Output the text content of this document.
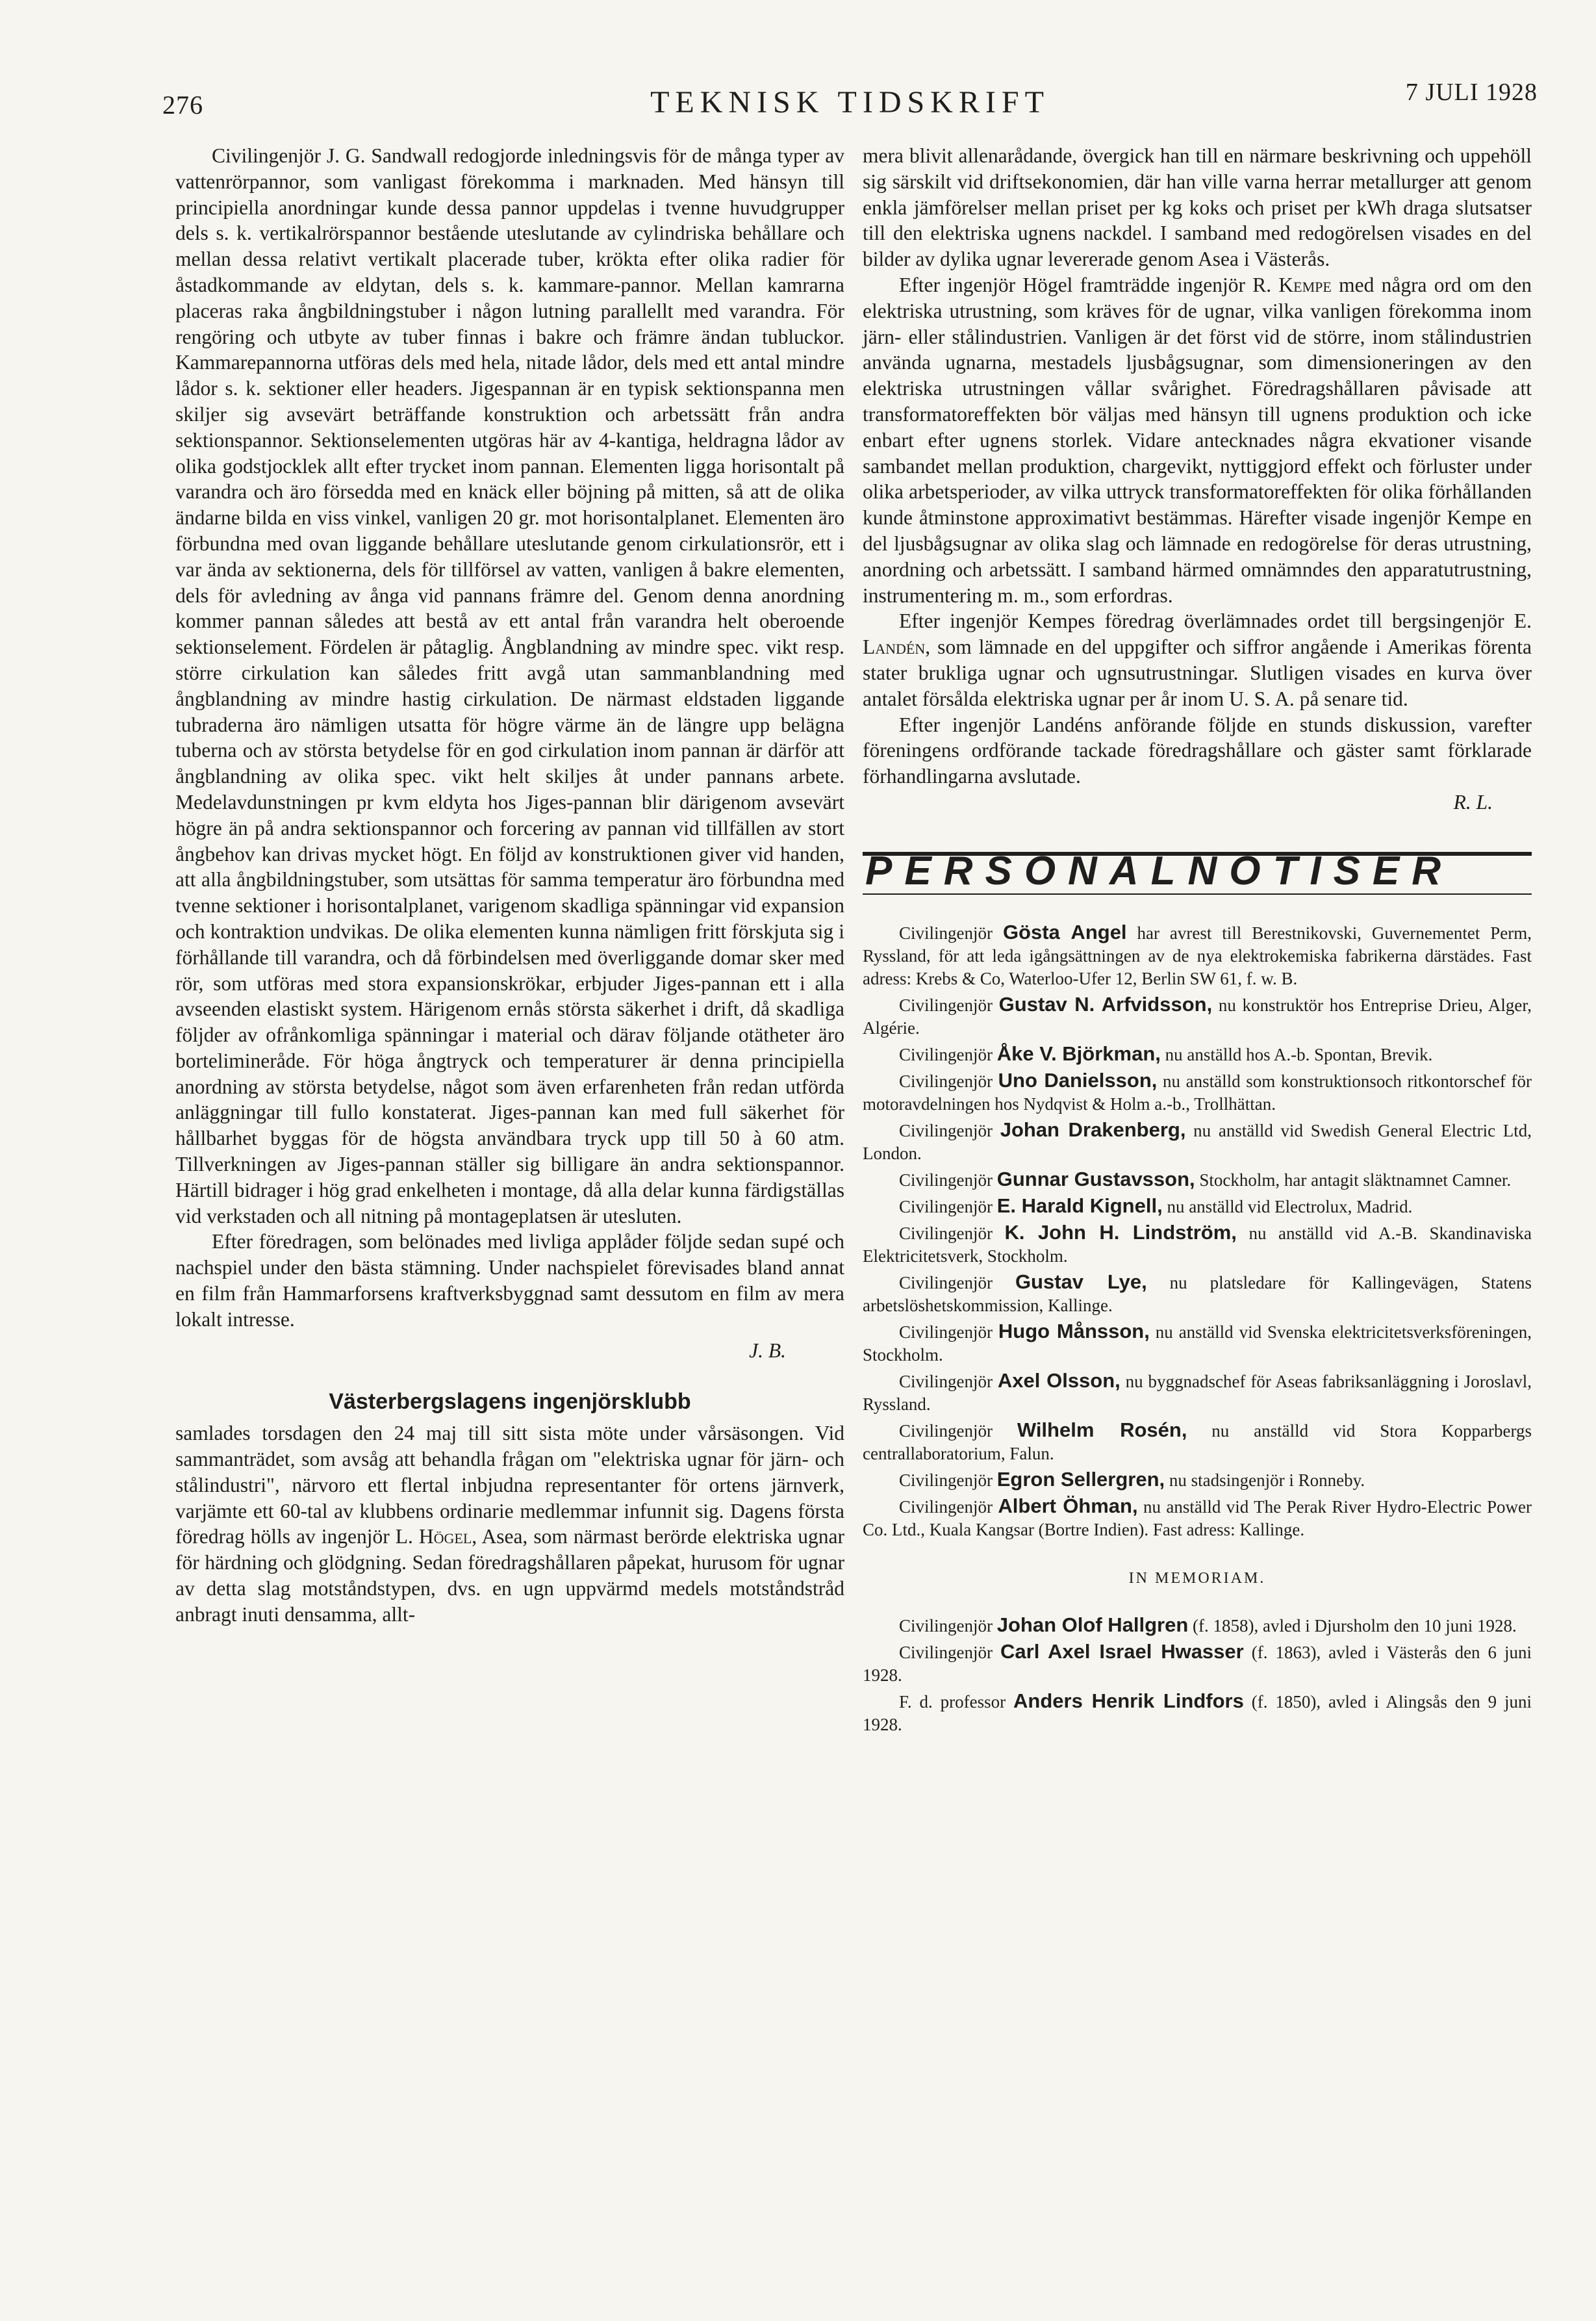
276	TEKNISK TIDSKRIFT	7 JULI 1928

Civilingenjör J. G. Sandwall redogjorde inledningsvis för de många typer av vattenrörpannor, som vanligast förekomma i marknaden. Med hänsyn till principiella anordningar kunde dessa pannor uppdelas i tvenne huvudgrupper dels s. k. vertikalrörspannor bestående uteslutande av cylindriska behållare och mellan dessa relativt vertikalt placerade tuber, krökta efter olika radier för åstadkommande av eldytan, dels s. k. kammare-pannor. Mellan kamrarna placeras raka ångbildningstuber i någon lutning parallellt med varandra. För rengöring och utbyte av tuber finnas i bakre och främre ändan tubluckor. Kammarepannorna utföras dels med hela, nitade lådor, dels med ett antal mindre lådor s. k. sektioner eller headers. Jigespannan är en typisk sektionspanna men skiljer sig avsevärt beträffande konstruktion och arbetssätt från andra sektionspannor. Sektionselementen utgöras här av 4-kantiga, heldragna lådor av olika godstjocklek allt efter trycket inom pannan. Elementen ligga horisontalt på varandra och äro försedda med en knäck eller böjning på mitten, så att de olika ändarne bilda en viss vinkel, vanligen 20 gr. mot horisontalplanet. Elementen äro förbundna med ovan liggande behållare uteslutande genom cirkulationsrör, ett i var ända av sektionerna, dels för tillförsel av vatten, vanligen å bakre elementen, dels för avledning av ånga vid pannans främre del. Genom denna anordning kommer pannan således att bestå av ett antal från varandra helt oberoende sektionselement. Fördelen är påtaglig. Ångblandning av mindre spec. vikt resp. större cirkulation kan således fritt avgå utan sammanblandning med ångblandning av mindre hastig cirkulation. De närmast eldstaden liggande tubraderna äro nämligen utsatta för högre värme än de längre upp belägna tuberna och av största betydelse för en god cirkulation inom pannan är därför att ångblandning av olika spec. vikt helt skiljes åt under pannans arbete. Medelavdunstningen pr kvm eldyta hos Jiges-pannan blir därigenom avsevärt högre än på andra sektionspannor och forcering av pannan vid tillfällen av stort ångbehov kan drivas mycket högt. En följd av konstruktionen giver vid handen, att alla ångbildningstuber, som utsättas för samma temperatur äro förbundna med tvenne sektioner i horisontalplanet, varigenom skadliga spänningar vid expansion och kontraktion undvikas. De olika elementen kunna nämligen fritt förskjuta sig i förhållande till varandra, och då förbindelsen med överliggande domar sker med rör, som utföras med stora expansionskrökar, erbjuder Jiges-pannan ett i alla avseenden elastiskt system. Härigenom ernås största säkerhet i drift, då skadliga följder av ofrånkomliga spänningar i material och därav följande otätheter äro bortelimineråde. För höga ångtryck och temperaturer är denna principiella anordning av största betydelse, något som även erfarenheten från redan utförda anläggningar till fullo konstaterat. Jiges-pannan kan med full säkerhet för hållbarhet byggas för de högsta användbara tryck upp till 50 à 60 atm. Tillverkningen av Jiges-pannan ställer sig billigare än andra sektionspannor. Härtill bidrager i hög grad enkelheten i montage, då alla delar kunna färdigställas vid verkstaden och all nitning på montageplatsen är utesluten.

Efter föredragen, som belönades med livliga applåder följde sedan supé och nachspiel under den bästa stämning. Under nachspielet förevisades bland annat en film från Hammarforsens kraftverksbyggnad samt dessutom en film av mera lokalt intresse.

J. B.
Västerbergslagens ingenjörsklubb

samlades torsdagen den 24 maj till sitt sista möte under vårsäsongen. Vid sammanträdet, som avsåg att behandla frågan om "elektriska ugnar för järn- och stålindustri", närvoro ett flertal inbjudna representanter för ortens järnverk, varjämte ett 60-tal av klubbens ordinarie medlemmar infunnit sig. Dagens första föredrag hölls av ingenjör L. Högel, Asea, som närmast berörde elektriska ugnar för härdning och glödgning. Sedan föredragshållaren påpekat, hurusom för ugnar av detta slag motståndstypen, dvs. en ugn uppvärmd medels motståndstråd anbragt inuti densamma, allt-

mera blivit allenarådande, övergick han till en närmare beskrivning och uppehöll sig särskilt vid driftsekonomien, där han ville varna herrar metallurger att genom enkla jämförelser mellan priset per kg koks och priset per kWh draga slutsatser till den elektriska ugnens nackdel. I samband med redogörelsen visades en del bilder av dylika ugnar levererade genom Asea i Västerås.

Efter ingenjör Högel framträdde ingenjör R. Kempe med några ord om den elektriska utrustning, som kräves för de ugnar, vilka vanligen förekomma inom järn- eller stålindustrien. Vanligen är det först vid de större, inom stålindustrien använda ugnarna, mestadels ljusbågsugnar, som dimensioneringen av den elektriska utrustningen vållar svårighet. Föredragshållaren påvisade att transformatoreffekten bör väljas med hänsyn till ugnens produktion och icke enbart efter ugnens storlek. Vidare antecknades några ekvationer visande sambandet mellan produktion, chargevikt, nyttiggjord effekt och förluster under olika arbetsperioder, av vilka uttryck transformatoreffekten för olika förhållanden kunde åtminstone approximativt bestämmas. Härefter visade ingenjör Kempe en del ljusbågsugnar av olika slag och lämnade en redogörelse för deras utrustning, anordning och arbetssätt. I samband härmed omnämndes den apparatutrustning, instrumentering m. m., som erfordras.

Efter ingenjör Kempes föredrag överlämnades ordet till bergsingenjör E. Landén, som lämnade en del uppgifter och siffror angående i Amerikas förenta stater brukliga ugnar och ugnsutrustningar. Slutligen visades en kurva över antalet försålda elektriska ugnar per år inom U. S. A. på senare tid.

Efter ingenjör Landéns anförande följde en stunds diskussion, varefter föreningens ordförande tackade föredragshållare och gäster samt förklarade förhandlingarna avslutade.

R. L.
PERSONALNOTISER
Civilingenjör Gösta Angel har avrest till Berestnikovski, Guvernementet Perm, Ryssland, för att leda igångsättningen av de nya elektrokemiska fabrikerna därstädes. Fast adress: Krebs & Co, Waterloo-Ufer 12, Berlin SW 61, f. w. B.
Civilingenjör Gustav N. Arfvidsson, nu konstruktör hos Entreprise Drieu, Alger, Algérie.
Civilingenjör Åke V. Björkman, nu anställd hos A.-b. Spontan, Brevik.
Civilingenjör Uno Danielsson, nu anställd som konstruktionsoch ritkontorschef för motoravdelningen hos Nydqvist & Holm a.-b., Trollhättan.
Civilingenjör Johan Drakenberg, nu anställd vid Swedish General Electric Ltd, London.
Civilingenjör Gunnar Gustavsson, Stockholm, har antagit släktnamnet Camner.
Civilingenjör E. Harald Kignell, nu anställd vid Electrolux, Madrid.
Civilingenjör K. John H. Lindström, nu anställd vid A.-B. Skandinaviska Elektricitetsverk, Stockholm.
Civilingenjör Gustav Lye, nu platsledare för Kallingevägen, Statens arbetslöshetskommission, Kallinge.
Civilingenjör Hugo Månsson, nu anställd vid Svenska elektricitetsverksföreningen, Stockholm.
Civilingenjör Axel Olsson, nu byggnadschef för Aseas fabriksanläggning i Joroslavl, Ryssland.
Civilingenjör Wilhelm Rosén, nu anställd vid Stora Kopparbergs centrallaboratorium, Falun.
Civilingenjör Egron Sellergren, nu stadsingenjör i Ronneby.
Civilingenjör Albert Öhman, nu anställd vid The Perak River Hydro-Electric Power Co. Ltd., Kuala Kangsar (Bortre Indien). Fast adress: Kallinge.
IN MEMORIAM.
Civilingenjör Johan Olof Hallgren (f. 1858), avled i Djursholm den 10 juni 1928.
Civilingenjör Carl Axel Israel Hwasser (f. 1863), avled i Västerås den 6 juni 1928.
F. d. professor Anders Henrik Lindfors (f. 1850), avled i Alingsås den 9 juni 1928.
